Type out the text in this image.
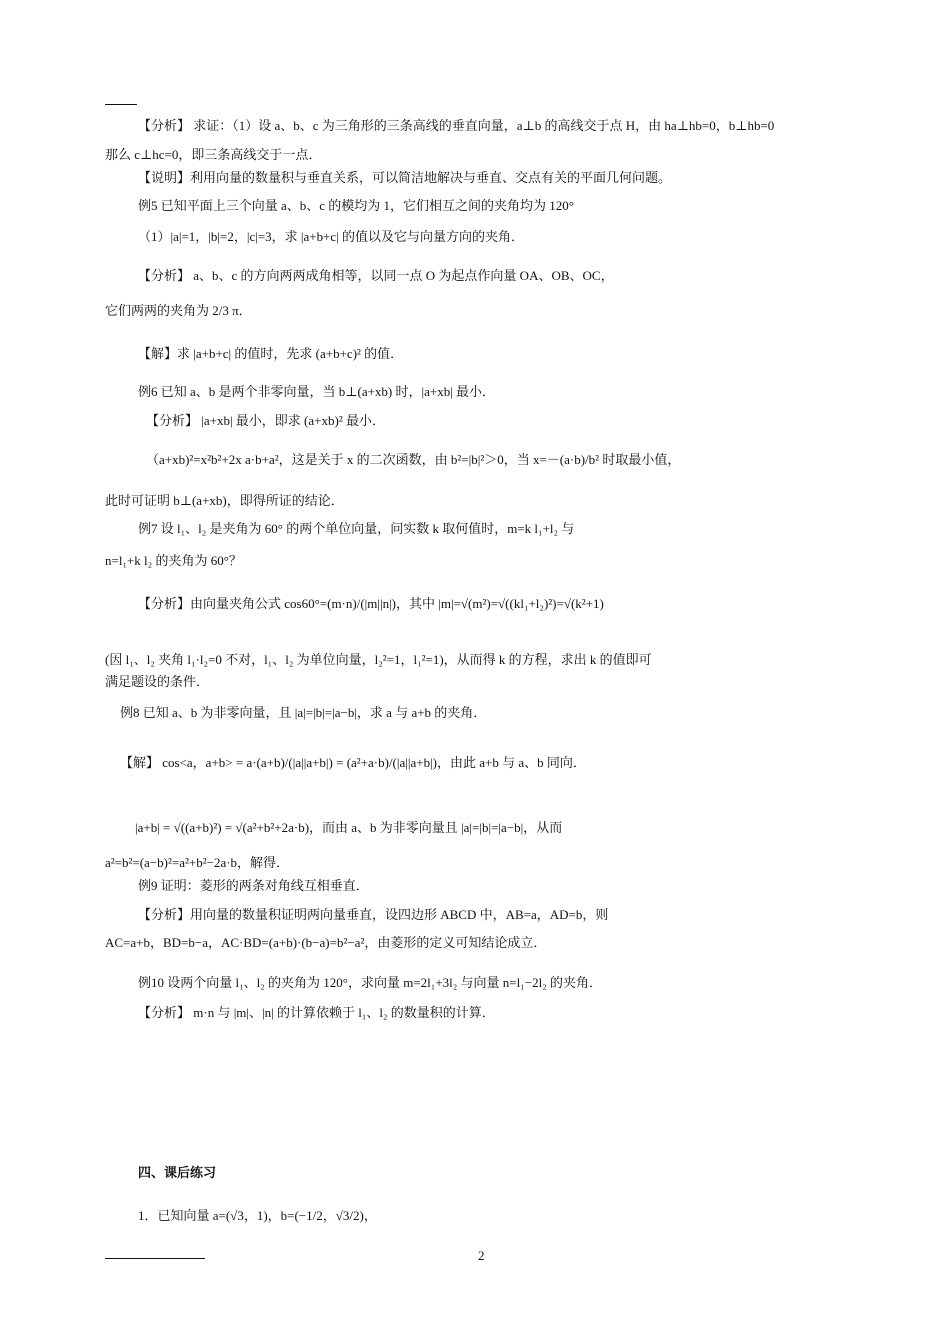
【分析】 求证：（1）设 a、b、c 为三角形的三条高线的垂直向量，a⊥b 的高线交于点 H，由 ha⊥hb=0，b⊥hb=0
那么 c⊥hc=0，即三条高线交于一点．
【说明】利用向量的数量积与垂直关系，可以简洁地解决与垂直、交点有关的平面几何问题。
例5 已知平面上三个向量 a、b、c 的模均为 1，它们相互之间的夹角均为 120°
（1）|a|=1，|b|=2，|c|=3，求 |a+b+c| 的值以及它与向量方向的夹角．
【分析】 a、b、c 的方向两两成角相等，以同一点 O 为起点作向量 OA、OB、OC，
它们两两的夹角为 2/3 π．
【解】求 |a+b+c| 的值时，先求 (a+b+c)² 的值．
例6 已知 a、b 是两个非零向量，当 b⊥(a+xb) 时，|a+xb| 最小．
【分析】 |a+xb| 最小，即求 (a+xb)² 最小．
（a+xb)²=x²b²+2x a·b+a²，这是关于 x 的二次函数，由 b²=|b|²＞0，当 x=－(a·b)/b² 时取最小值，
此时可证明 b⊥(a+xb)，即得所证的结论．
例7 设 l₁、l₂ 是夹角为 60° 的两个单位向量，问实数 k 取何值时，m=k l₁+l₂ 与
n=l₁+k l₂ 的夹角为 60°？
【分析】由向量夹角公式 cos60°=(m·n)/(|m||n|)，其中 |m|=√(m²)=√((kl₁+l₂)²)=√(k²+1)
(因 l₁、l₂ 夹角 l₁·l₂=0 不对，l₁、l₂ 为单位向量，l₂²=1，l₁²=1)，从而得 k 的方程，求出 k 的值即可
满足题设的条件．
例8 已知 a、b 为非零向量，且 |a|=|b|=|a−b|，求 a 与 a+b 的夹角．
【解】 cos<a，a+b> = a·(a+b)/(|a||a+b|) = (a²+a·b)/(|a||a+b|)，由此 a+b 与 a、b 同向．
|a+b| = √((a+b)²) = √(a²+b²+2a·b)，而由 a、b 为非零向量且 |a|=|b|=|a−b|，从而
a²=b²=(a−b)²=a²+b²−2a·b，解得．
例9 证明：菱形的两条对角线互相垂直．
【分析】用向量的数量积证明两向量垂直，设四边形 ABCD 中，AB=a，AD=b，则
AC=a+b，BD=b−a，AC·BD=(a+b)·(b−a)=b²−a²，由菱形的定义可知结论成立．
例10 设两个向量 l₁、l₂ 的夹角为 120°，求向量 m=2l₁+3l₂ 与向量 n=l₁−2l₂ 的夹角．
【分析】 m·n 与 |m|、|n| 的计算依赖于 l₁、l₂ 的数量积的计算．
四、课后练习
1．已知向量 a=(√3，1)，b=(−1/2，√3/2)，
2
